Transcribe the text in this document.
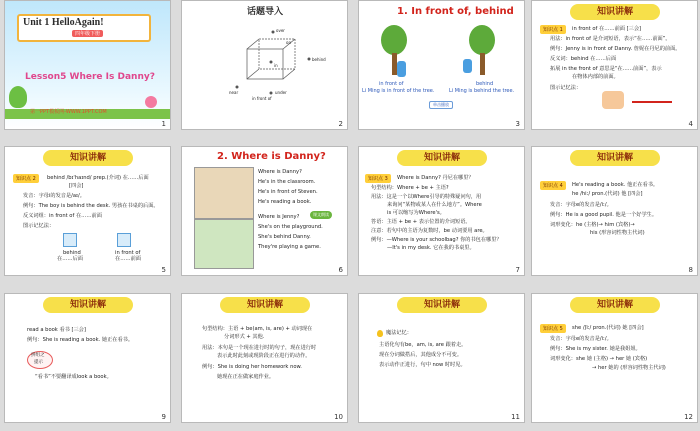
Unit 1 HelloAgain!
四年级下册
Lesson5 Where Is Danny?
第一PPT模板网-WWW.1PPT.COM
1
话题导入
over
under
in front of
behind
near
on
in
2
1. In front of, behind
in front of
Li Ming is in front of the tree.
behind
Li Ming is behind the tree.
单击播放
3
知识讲解
知识点 1	in front of 在……前面 [三会]
用法：in front of 是介词短语，表示“在……前面”。
例句：Jenny is in front of Danny. 詹妮在丹尼的前面。
反义词：behind 在……后面
拓展 in the front of 意思是“在……前面”，表示
在物体内部的前面。
图示记忆法：
4
知识讲解
知识点 2	behind /bɪˈhaɪnd/ prep.(介词) 在……后面
[四会]
发音：字母i的发音是/aɪ/。
例句：The boy is behind the desk. 男孩在书桌的后面。
反义词组：in front of 在……前面
图示记忆法：
behind
在……后面
in front of
在……前面
5
2. Where is Danny?
Where is Danny?
He's in the classroom.
He's in front of Steven.
He's reading a book.
Where is Jenny?
She's on the playground.
She's behind Danny.
They're playing a game.
课文朗读
6
知识讲解
知识点 3	Where is Danny? 丹尼在哪里？
句型结构：Where + be + 主语?
用法：这是一个以Where引导的特殊疑问句，用
来询问“某物或某人在什么地方”。Where
is 可以缩写为Where's。
答语：主语 + be + 表示位置的介词短语。
注意：若句中的主语为复数时，be 动词要用 are。
例句：—Where is your schoolbag? 你的书包在哪里？
—It's in my desk. 它在我的书桌里。
7
知识讲解
知识点 4	He's reading a book. 他正在看书。
he /hiː/ pron.(代词) 他 [四会]
发音：字母e的发音是/iː/。
例句：He is a good pupil. 他是一个好学生。
词形变化：he (主格)→ him (宾格)→
his (形容词性物主代词)
8
知识讲解
read a book 看书 [三会]
例句：She is reading a book. 她正在看书。
拼组之
提示
“看书”不要翻译成look a book。
9
知识讲解
句型结构：主语 + be(am, is, are) + 动词现在
分词形式 + 其他.
用法：本句是一个现在进行时的句子，现在进行时
表示此时此刻或现阶段正在进行的动作。
例句：She is doing her homework now.
她现在正在做家庭作业。
10
知识讲解
魔法记忆：
主语化句有be，am, is, are 跟着走。
现在分词做搭后，其他成分不可变。
表示动作正进行，句中 now 时时见。
11
知识讲解
知识点 5	she /ʃiː/ pron.(代词) 她 [四会]
发音：字母e的发音是/iː/。
例句：She is my sister. 她是我姐姐。
词形变化：she 她 (主格) → her 她 (宾格)
→ her 她的 (形容词性物主代词)
12
